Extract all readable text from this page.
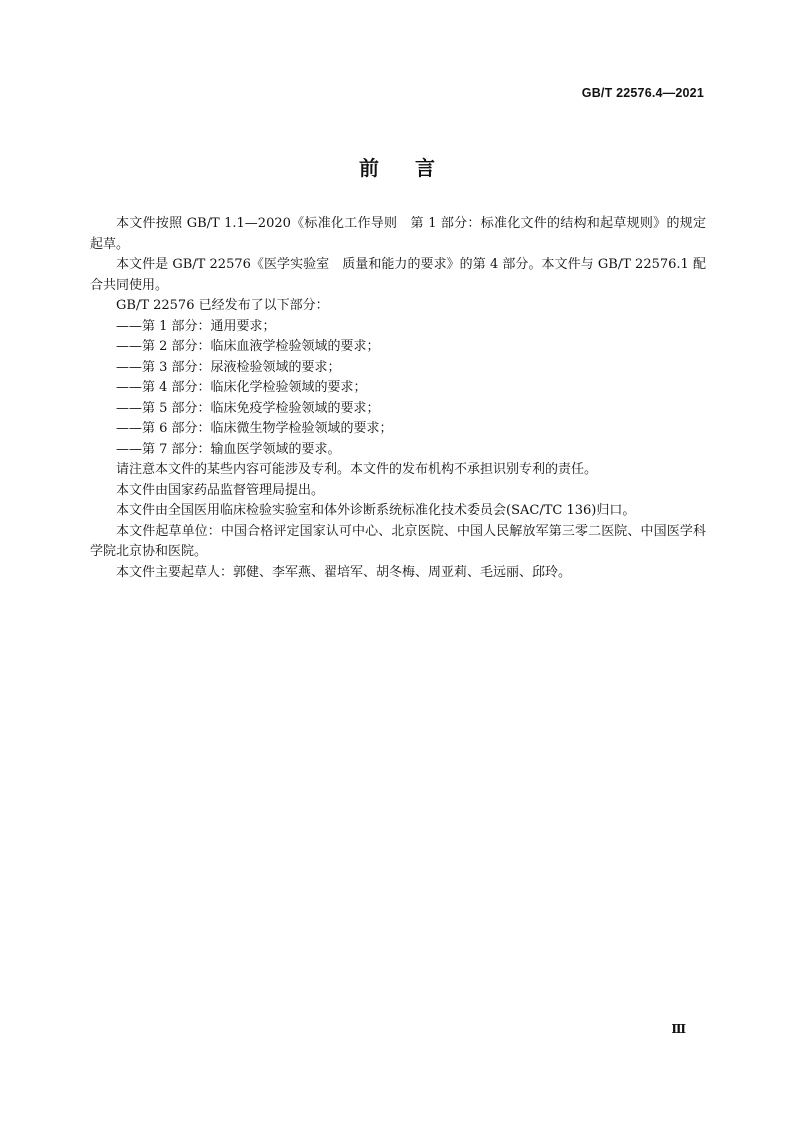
GB/T 22576.4—2021
前言

本文件按照 GB/T 1.1—2020《标准化工作导则　第 1 部分：标准化文件的结构和起草规则》的规定起草。

本文件是 GB/T 22576《医学实验室　质量和能力的要求》的第 4 部分。本文件与 GB/T 22576.1 配合共同使用。

GB/T 22576 已经发布了以下部分：

——第 1 部分：通用要求；

——第 2 部分：临床血液学检验领域的要求；

——第 3 部分：尿液检验领域的要求；

——第 4 部分：临床化学检验领域的要求；

——第 5 部分：临床免疫学检验领域的要求；

——第 6 部分：临床微生物学检验领域的要求；

——第 7 部分：输血医学领域的要求。

请注意本文件的某些内容可能涉及专利。本文件的发布机构不承担识别专利的责任。

本文件由国家药品监督管理局提出。

本文件由全国医用临床检验实验室和体外诊断系统标准化技术委员会(SAC/TC 136)归口。

本文件起草单位：中国合格评定国家认可中心、北京医院、中国人民解放军第三零二医院、中国医学科学院北京协和医院。

本文件主要起草人：郭健、李军燕、翟培军、胡冬梅、周亚莉、毛远丽、邱玲。

Ⅲ
